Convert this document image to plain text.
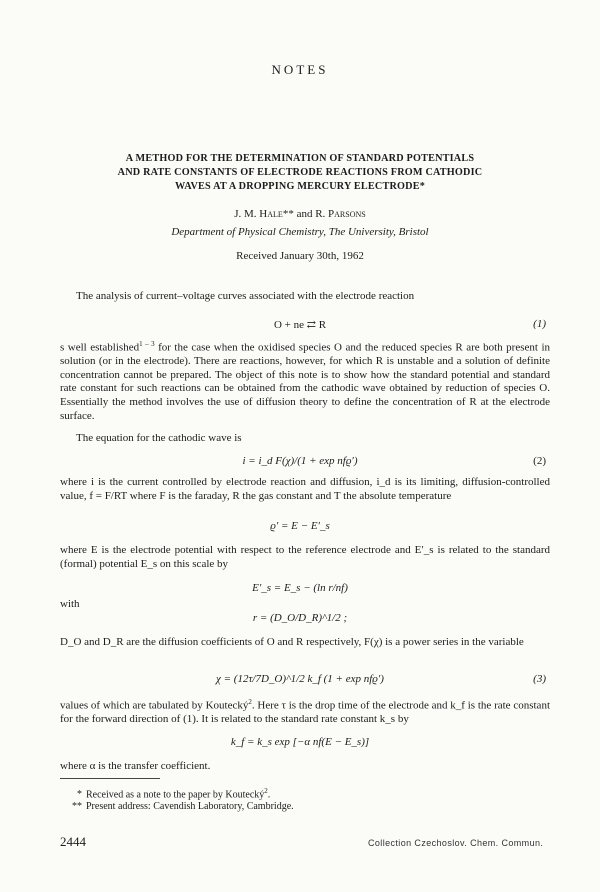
NOTES
A METHOD FOR THE DETERMINATION OF STANDARD POTENTIALS
AND RATE CONSTANTS OF ELECTRODE REACTIONS FROM CATHODIC
WAVES AT A DROPPING MERCURY ELECTRODE*
J. M. Hale** and R. Parsons
Department of Physical Chemistry, The University, Bristol
Received January 30th, 1962
The analysis of current–voltage curves associated with the electrode reaction
O + ne ⇄ R	(1)
s well established$^{1 - 3}$ for the case when the oxidised species O and the reduced species R are both present in solution (or in the electrode). There are reactions, however, for which R is unstable and a solution of definite concentration cannot be prepared. The object of this note is to show how the standard potential and standard rate constant for such reactions can be obtained from the cathodic wave obtained by reduction of species O. Essentially the method involves the use of diffusion theory to define the concentration of R at the electrode surface.
The equation for the cathodic wave is
i = i_d F(χ)/(1 + exp nfϱ′)	(2)
where i is the current controlled by electrode reaction and diffusion, i_d is its limiting, diffusion-controlled value, f = F/RT where F is the faraday, R the gas constant and T the absolute temperature
ϱ′ = E − E′_s
where E is the electrode potential with respect to the reference electrode and E′_s is related to the standard (formal) potential E_s on this scale by
E′_s = E_s − (ln r/nf)
with
r = (D_O/D_R)^1/2 ;
D_O and D_R are the diffusion coefficients of O and R respectively, F(χ) is a power series in the variable
χ = (12τ/7D_O)^1/2 k_f (1 + exp nfϱ′)	(3)
values of which are tabulated by Koutecký$^2$. Here τ is the drop time of the electrode and k_f is the rate constant for the forward direction of (1). It is related to the standard rate constant k_s by
k_f = k_s exp [−α nf(E − E_s)]
where α is the transfer coefficient.
* Received as a note to the paper by Koutecký$^2$.
** Present address: Cavendish Laboratory, Cambridge.
2444	Collection Czechoslov. Chem. Commun.
